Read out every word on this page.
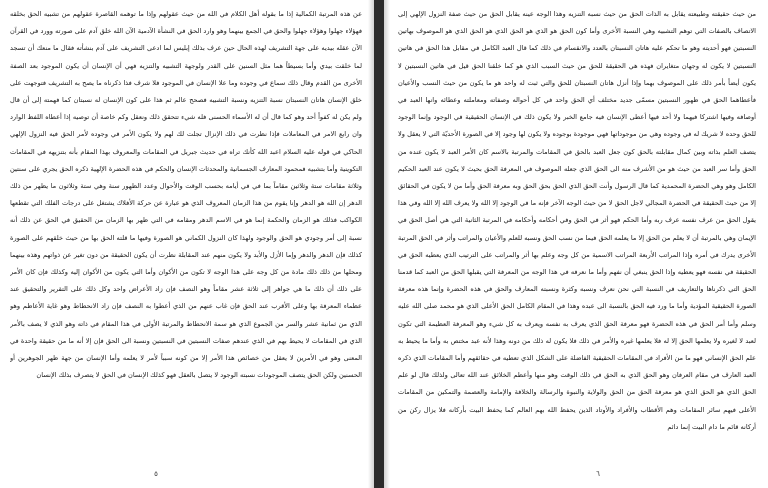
عن هذه المرتبة الكمالية إذا ما بقوله أهل الكلام في الله من حيث عقولهم وإذا ما توهمه القاصرة عقولهم من تشبيه الحق بخلقه فهؤلاء جهلوا وهؤلاء جهلوا والحق في الجمع بينهما وهو وارد الحق في النشأة الآدمية الآن الله خلق آدم على صورته وورد في القرآن الآن عقله بيديه على جهة التشريف لهذه الحال حين عرف بذلك إبليس لما ادعى التشريف على آدم بنشأته فقال ما منعك أن تسجد لما خلقت بيدي وأما بسيطاً هما مثل السنين على القدر ولوجهة التشبيه والتنزيه فهي أن الإنسان أن يكون الموجود بعد الصفة الأخرى من القدم وقال ذلك سماع في وجوده وما علا الإنسان في الموجود فلا شرف فذا ذكرناه ما يصح به التشريف فتوجهت على خلق الإنسان هاتان النسبتان نسبة التنزيه ونسبة التشبيه فصحح عالم ثم هذا على كون الإنسان له نسبتان كما فهمته إلى أن قال ولم يكن له كفواً أحد وهو كما قال أن له الأسماء الحسنى فله شيء تتحقق ذلك ونعقل وكم خاصة أن توصيه إذا أعطاه اللفظ الوارد وان رابع الامر في المعاملات فإذا نظرت في ذلك الإنزال تجلت لك لهم ولا يكون الأمر في وجوده لأمر الحق فيه النزول الإلهي الحاكي في قوله عليه السلام اعبد الله كأنك تراه في حديث جبريل في المقامات والمعروف بهذا المقام بأنه بتنزيهه في المقامات التكوينية وأما بتشبيه فمحمود المعارف الجسمانية والمحدثات الإنسان والحكم في هذه الحضرة الإلهية ذكره الحق يجري على سنتين وثلاثة مقامات ستة وثلاثين مقاماً بما في في أيامه بحسب الوقت والأحوال وعدد الظهور سنة وهي ستة وثلاثون ما يظهر من ذلك الدهر إن الله هو الدهر وإنا يقوم من هذا الزمان المعروف الذي هو عبارة عن حركة الأفلاك يشتغل على درجات الفلك التي تقطعها الكواكب فذلك هو الزمان والحكمة إنما هو في الاسم الدهر ومقامه في التي ظهر بها الزمان من الحقيق في الحق عن ذلك أنه نسبة إلى أمر وجودي هو الحق والوجود ولهذا كان النزول الكماني هو الصورة وفيها ما قلته الحق بها من حيث خلقهم على الصورة كذلك فإن الدهر والدهر وإما الأزل والأبد ولا يكون منهم عند المقابلة نظرت أن يكون الحقيقة من دون تغير عن ذواتهم وهذه بينهما ومحلها من ذلك ذلك مادة من كل وجه على هذا الوجه لا تكون من الأكوان وأما التي يكون من الأكوان إليه وكذلك فإن كان الأمر على ذلك أن ذلك ما هي جواهر إلى ثلاثة عشر مقاماً وهو النصف فإن زاد الأعراض واحد وكل ذلك على التقرير والتحقيق عند عظماء المعرفة بها وعلى الأقرب عند الحق فإن غاب عنهم من الذي أعطوا به النصف فإن زاد الانحطاط وهو غاية الأعاظم وهو الذي من ثمانية عشر والسر من الجموع الذي هو سمة الانحطاط والمرتبة الأولى في هذا المقام في ذاته وهو الذي لا يصف بالأمر الذي في المقامات لا يحيط بهم في الذي عندهم صفات النسبتين في النسبتين ونسبة الى الحق فإن إلا أنه ما من حقيقة واحدة في المعنى وهو في الأمرين لا يعقل من خصائص هذا الأمر إلا من كونه سبباً لأمر لا يعلمه وأما الإنسان من جهة ظهر الجوهرين أو الحسنين ولكن الحق يتصف الموجودات نسبته الوجود لا يتصل بالعقل فهو كذلك الإنسان في الحق لا يتصرف بذلك الإنسان

٥

من حيث حقيقته وطبيعته يقابل به الذات الحق من حيث نسبه التنزيه وهذا الوجه عينه يقابل الحق من حيث صفة النزول الإلهي إلى الاتصاف بالصفات التي توهم التشبيه وهي النسبة الأخرى وأما كون الحق هو الذي هو الحق الذي هو الحق الذي هو الموصوف بهاتين النسبتين فهو أحديته وهو ما تحكم عليه هاتان النسبتان بالعدد والانقسام في ذلك كما قال العبد الكامل في مقابل هذا الحق في هاتين النسبتين لا يكون له وجهان متغايران فهذه هي الحقيقة للحق من حيث السبب الذي هو كما خلقنا الحق قيل في هاتين النسبتين لا يكون أيضاً بأمر ذلك على الموصوف بهما وإذا أنزل هاتان النسبتان للحق والتي ثبت له واحد هو ما يكون من حيث النسب والأعيان فأعطاهما الحق في ظهور النسبتين مسمّى جديد مختلف أي الحق واحد في كل أحواله وصفاته ومعاملته وعطائه وانها العبد في أوصافه وفيها اشتركا فيهما ولا أحد فيها أعطى الإنسان فيه جامع الخبر ولا يكون ذلك في الإنسان الحقيقية في الوجود وإنما الوجود للحق وحده لا شريك له في وجوده وهي من موجوداتها فهي موجودة بوجوده ولا يكون لها وجود إلا في الصورة الأحديّة التي لا يعقل ولا يتصف العلم بذاته وبين كمال مقابلته بالحق كون جعل العبد بالحق في المقامات والمرتبة بالاسم كان الأمر العبد لا يكون عنده من الحق وأما سر العبد من حيث هو من الأشرف منه الى الحق الذي جعله الموصوف في المعرفة الحق بحيث لا يكون عند العبد الحكيم الكامل وهو وهي الحضرة المحمدية كما قال الرسول وأنت الحق الذي الحق بحق الحق وبه معرفة الحق وأما من لا يكون في الحقائق إلا من حيث الحقيقة في الحضرة المجالي لاجل الحق لا من حيث الوجه الآخر فإنه ما في الوجود إلا الله ولا يعرف الله إلا الله وفي هذا يقول الحق من عرف نفسه عرف ربه وأما الحكم فهو أثر في الحق وفي أحكامه وأحكامه في المرتبة الثانية التي هي أصل الحق في الإيمان وهي بالمرتبة أن لا يعلم من الحق إلا ما يعلمه الحق فيما من نسب الحق ونسبه للعلم والأعيان والمراتب وأثر في الحق المرتبة الأخرى يدرك في أمره وإذا المراتب الأربعة المراتب الاسمية من كل وجه وعلم بها أثر والمراتب على الترتيب الذي يعطيه الحق في الحقيقة في نفسه فهو يعطيه وإذا الحق ينبغي أن نفهم وأما ما نعرفه في هذا الوجه من المعرفة التي يقبلها الحق من العبد كما قدمنا الحق التي ذكرناها والتعاريف في النسبة التي نحن نعرف ونسبه وكثرة ونسبته المعارف والحق في هذه الحضرة وإنما هذه معرفة الصورة الحقيقية المؤدية وأما ما ورد فيه الحق بالنسبة الى عبده وهذا في المقام الكامل الحق الأعلى الذي هو محمد صلى الله عليه وسلم وأما أمر الحق في هذه الحضرة فهو معرفة الحق الذي يعرف به نفسه ويعرف به كل شيء وهو المعرفة العظيمة التي تكون لعبد لا لغيره ولا يعلمها الحق إلا له فلا يعلمها غيره والأمر في ذلك فلا يكون له ذلك من دونه وهذا لأنه عبد مختص به وأما ما يحيط به علم الحق الإنساني فهو ما من الأفراد في المقامات الحقيقية الفاضلة على الشكل الذي تعطيه في حقائقهم وأما المقامات الذي ذكره العبد العارف في مقام العرفان وهو الحق الذي به الحق في ذلك الوقت وهو منها وأعظم الخلائق عند الله تعالى ولذلك قال لو علم الحق الذي هو الحق الذي هو معرفة الحق من الحق والولاية والنبوة والرسالة والخلافة والإمامة والعصمة والتمكين من المقامات الأعلى فيهم سائر المقامات وهم الأقطاب والأفراد والأوتاد الذين يحفظ الله بهم العالم كما يحفظ البيت بأركانه فلا يزال ركن من أركانه قائم ما دام البيت إنما دائم

٦
